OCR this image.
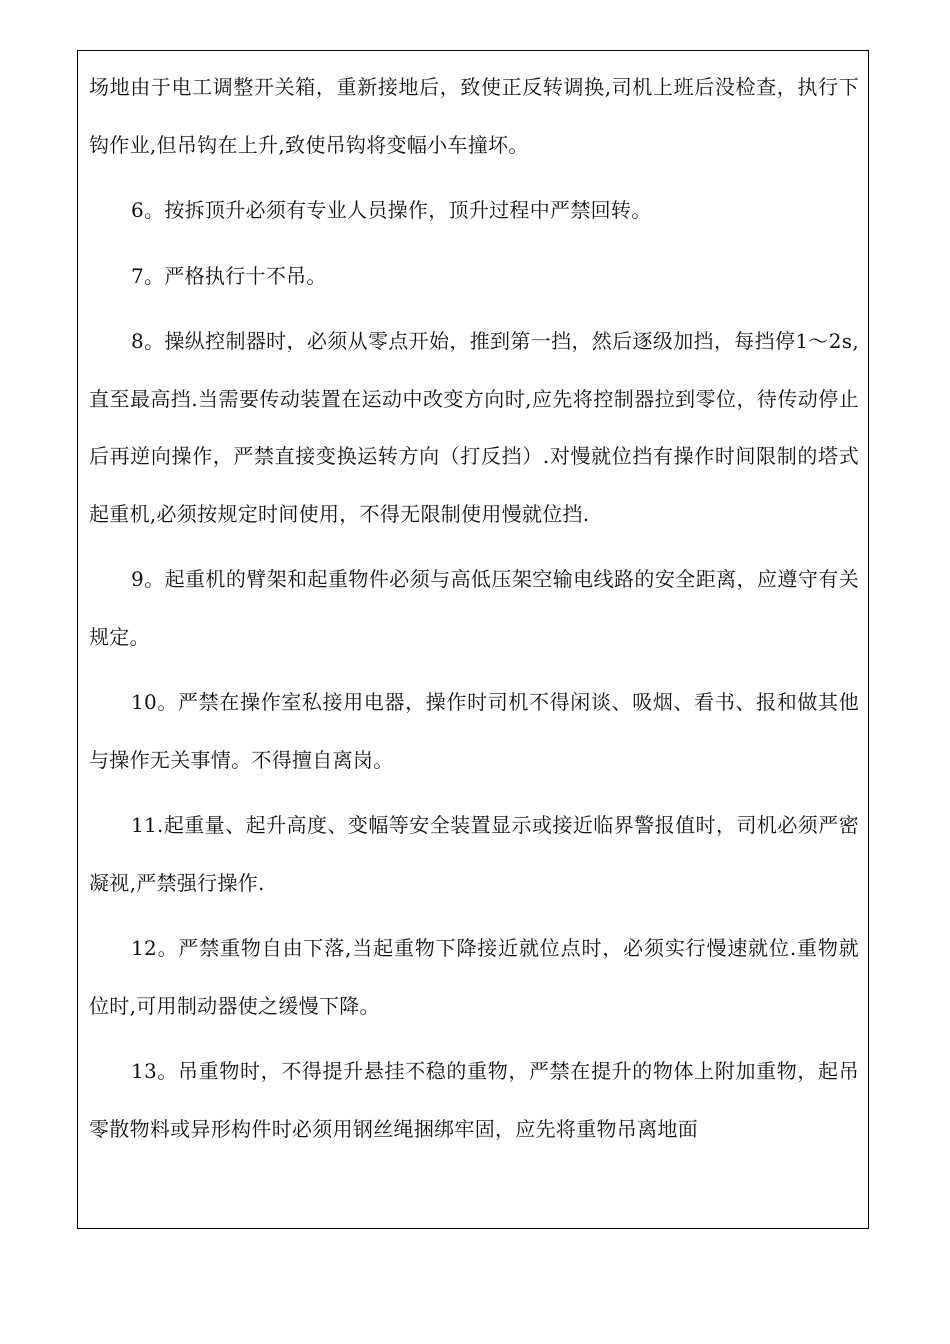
场地由于电工调整开关箱，重新接地后，致使正反转调换,司机上班后没检查，执行下钩作业,但吊钩在上升,致使吊钩将变幅小车撞坏。

6。按拆顶升必须有专业人员操作，顶升过程中严禁回转。

7。严格执行十不吊。

8。操纵控制器时，必须从零点开始，推到第一挡，然后逐级加挡，每挡停1～2s,直至最高挡.当需要传动装置在运动中改变方向时,应先将控制器拉到零位，待传动停止后再逆向操作，严禁直接变换运转方向（打反挡）.对慢就位挡有操作时间限制的塔式起重机,必须按规定时间使用，不得无限制使用慢就位挡.

9。起重机的臂架和起重物件必须与高低压架空输电线路的安全距离，应遵守有关规定。

10。严禁在操作室私接用电器，操作时司机不得闲谈、吸烟、看书、报和做其他与操作无关事情。不得擅自离岗。

11.起重量、起升高度、变幅等安全装置显示或接近临界警报值时，司机必须严密凝视,严禁强行操作.

12。严禁重物自由下落,当起重物下降接近就位点时，必须实行慢速就位.重物就位时,可用制动器使之缓慢下降。

13。吊重物时，不得提升悬挂不稳的重物，严禁在提升的物体上附加重物，起吊零散物料或异形构件时必须用钢丝绳捆绑牢固，应先将重物吊离地面
